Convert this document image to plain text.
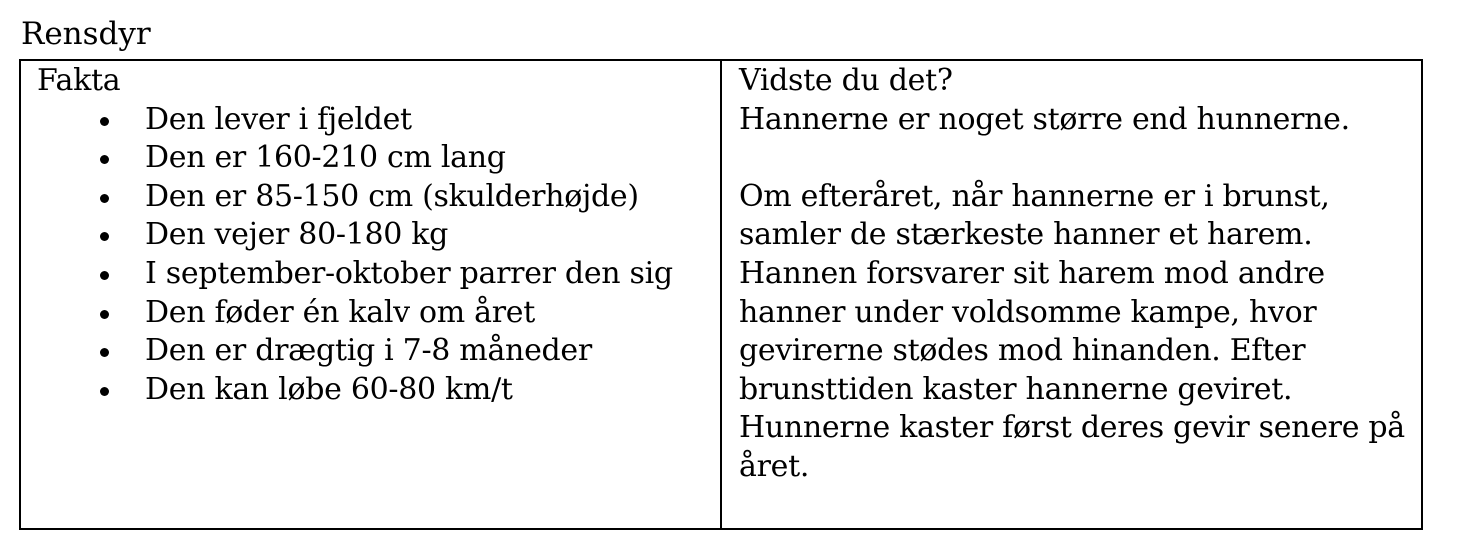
Rensdyr
Fakta
Den lever i fjeldet
Den er 160-210 cm lang
Den er 85-150 cm (skulderhøjde)
Den vejer 80-180 kg
I september-oktober parrer den sig
Den føder én kalv om året
Den er drægtig i 7-8 måneder
Den kan løbe 60-80 km/t
Vidste du det?

Hannerne er noget større end hunnerne.

Om efteråret, når hannerne er i brunst, samler de stærkeste hanner et harem. Hannen forsvarer sit harem mod andre hanner under voldsomme kampe, hvor gevirerne stødes mod hinanden. Efter brunsttiden kaster hannerne geviret. Hunnerne kaster først deres gevir senere på året.
